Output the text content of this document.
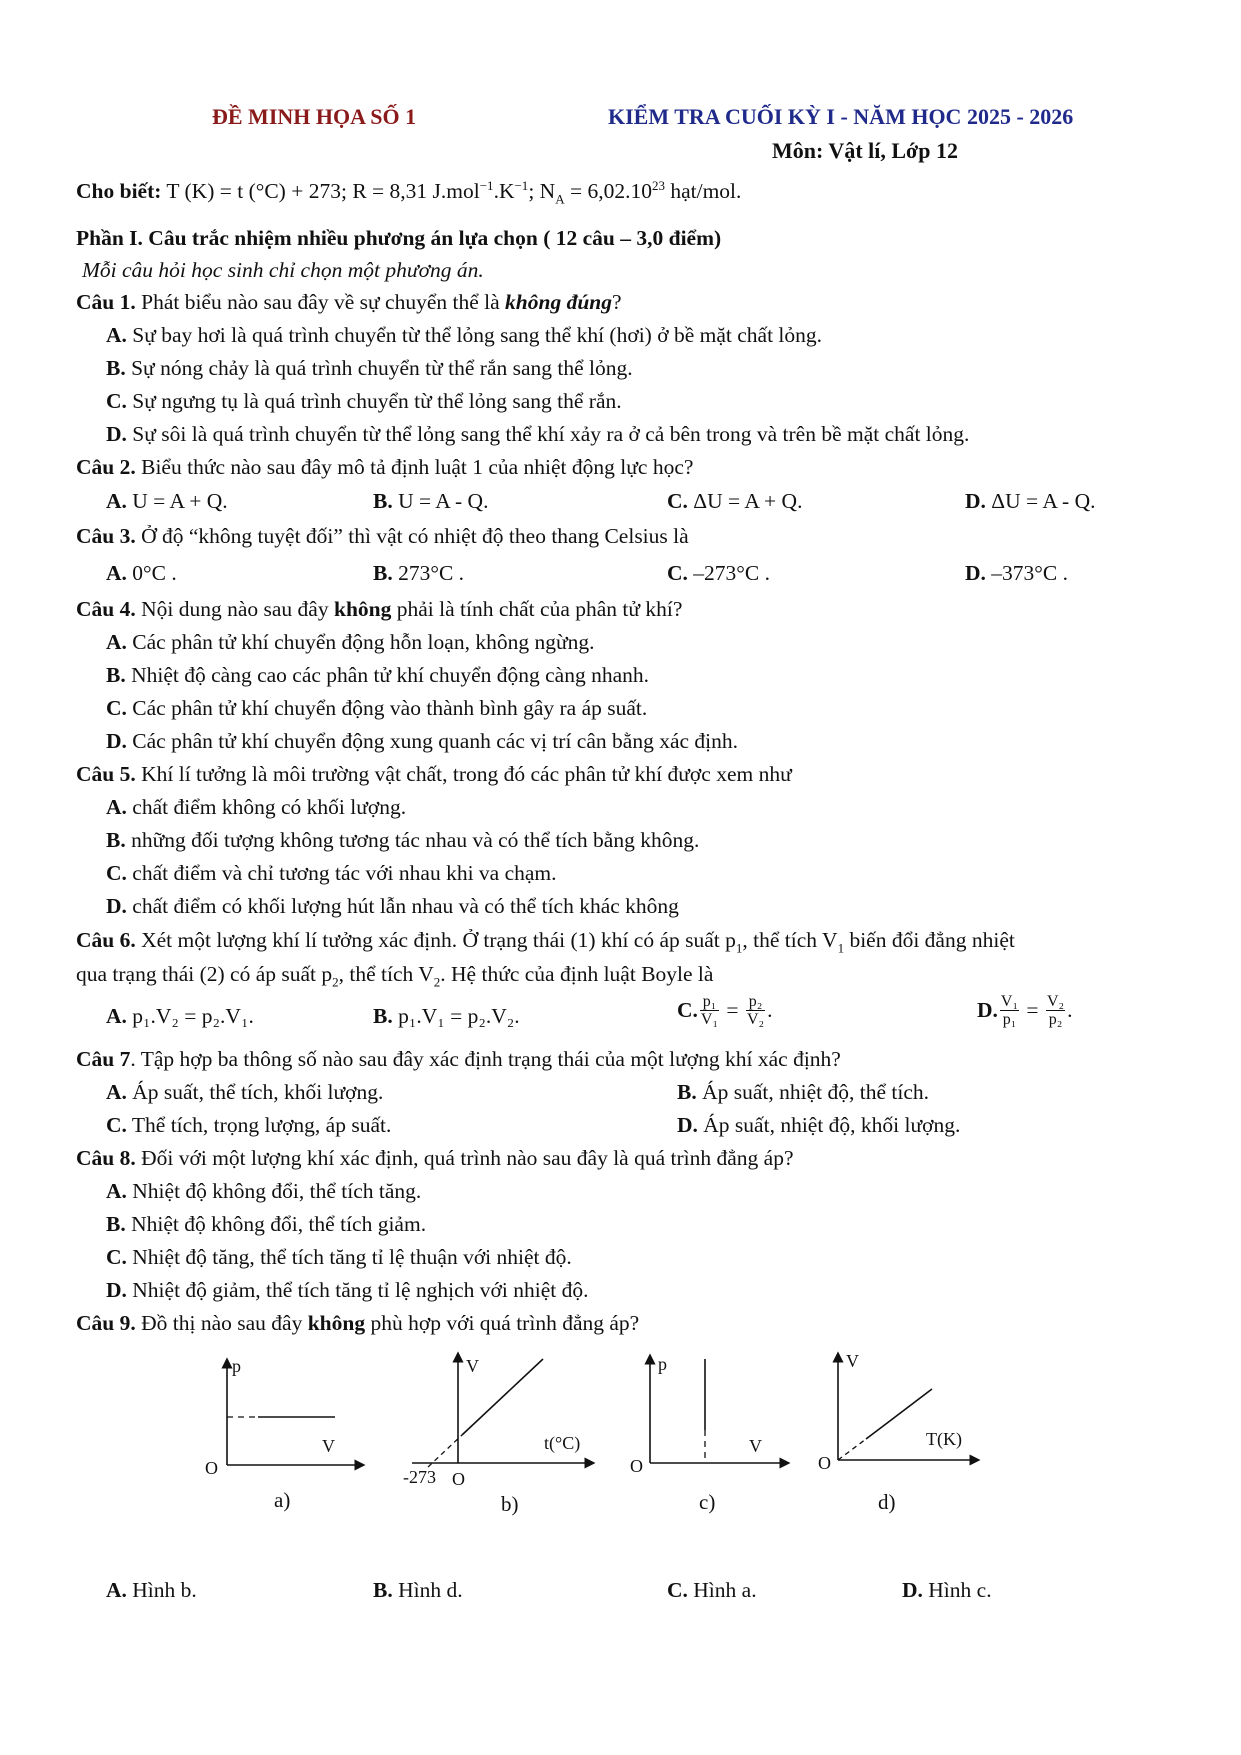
ĐỀ MINH HỌA SỐ 1	KIỂM TRA CUỐI KỲ I - NĂM HỌC 2025 - 2026
Môn: Vật lí, Lớp 12
Cho biết: T (K) = t (°C) + 273; R = 8,31 $J.mol^{-1}.K^{-1}$; $N_A = 6,02.10^{23}$ hạt/mol.
Phần I. Câu trắc nhiệm nhiều phương án lựa chọn ( 12 câu – 3,0 điểm)
Mỗi câu hỏi học sinh chỉ chọn một phương án.
Câu 1. Phát biểu nào sau đây về sự chuyển thể là không đúng?
A. Sự bay hơi là quá trình chuyển từ thể lỏng sang thể khí (hơi) ở bề mặt chất lỏng.
B. Sự nóng chảy là quá trình chuyển từ thể rắn sang thể lỏng.
C. Sự ngưng tụ là quá trình chuyển từ thể lỏng sang thể rắn.
D. Sự sôi là quá trình chuyển từ thể lỏng sang thể khí xảy ra ở cả bên trong và trên bề mặt chất lỏng.
Câu 2. Biểu thức nào sau đây mô tả định luật 1 của nhiệt động lực học?
A. U = A + Q.	B. U = A - Q.	C. ΔU = A + Q.	D. ΔU = A - Q.
Câu 3. Ở độ “không tuyệt đối” thì vật có nhiệt độ theo thang Celsius là
A. 0°C .	B. 273°C .	C. –273°C .	D. –373°C .
Câu 4. Nội dung nào sau đây không phải là tính chất của phân tử khí?
A. Các phân tử khí chuyển động hỗn loạn, không ngừng.
B. Nhiệt độ càng cao các phân tử khí chuyển động càng nhanh.
C. Các phân tử khí chuyển động vào thành bình gây ra áp suất.
D. Các phân tử khí chuyển động xung quanh các vị trí cân bằng xác định.
Câu 5. Khí lí tưởng là môi trường vật chất, trong đó các phân tử khí được xem như
A. chất điểm không có khối lượng.
B. những đối tượng không tương tác nhau và có thể tích bằng không.
C. chất điểm và chỉ tương tác với nhau khi va chạm.
D. chất điểm có khối lượng hút lẫn nhau và có thể tích khác không
Câu 6. Xét một lượng khí lí tưởng xác định. Ở trạng thái (1) khí có áp suất $p_1$, thể tích $V_1$ biến đổi đẳng nhiệt
qua trạng thái (2) có áp suất $p_2$, thể tích $V_2$. Hệ thức của định luật Boyle là
A. p₁.V₂ = p₂.V₁.	B. p₁.V₁ = p₂.V₂.	C. $\frac{\text{p₁}}{\text{V₁}} = \frac{\text{p₂}}{\text{V₂}}$ .	D. $\frac{\text{V₁}}{\text{p₁}} = \frac{\text{V₂}}{\text{p₂}}$ .
Câu 7. Tập hợp ba thông số nào sau đây xác định trạng thái của một lượng khí xác định?
A. Áp suất, thể tích, khối lượng.	B. Áp suất, nhiệt độ, thể tích.
C. Thể tích, trọng lượng, áp suất.	D. Áp suất, nhiệt độ, khối lượng.
Câu 8. Đối với một lượng khí xác định, quá trình nào sau đây là quá trình đẳng áp?
A. Nhiệt độ không đổi, thể tích tăng.
B. Nhiệt độ không đổi, thể tích giảm.
C. Nhiệt độ tăng, thể tích tăng tỉ lệ thuận với nhiệt độ.
D. Nhiệt độ giảm, thể tích tăng tỉ lệ nghịch với nhiệt độ.
Câu 9. Đồ thị nào sau đây không phù hợp với quá trình đẳng áp?
p
V
O
V
t(°C)
-273 O
p
V
O
V
T(K)
O
a)	b)	c)	d)
A. Hình b.	B. Hình d.	C. Hình a.	D. Hình c.
